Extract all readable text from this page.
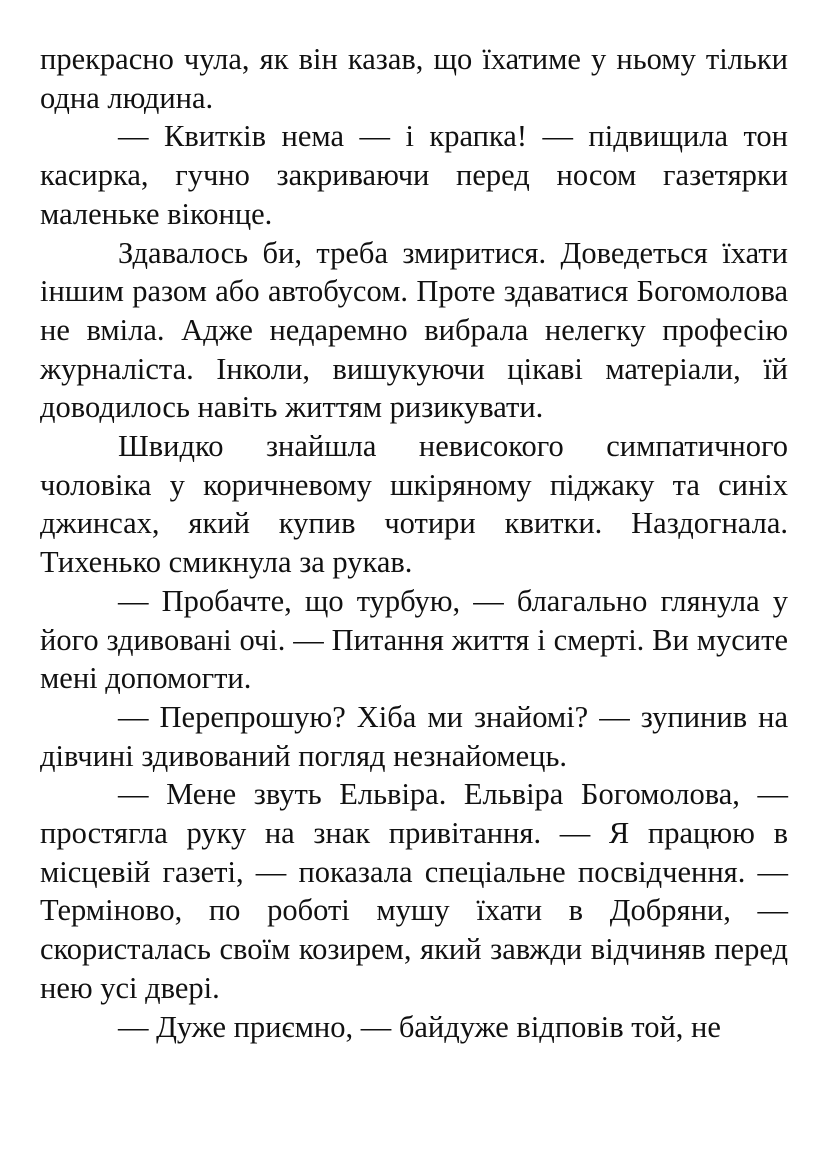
прекрасно чула, як він казав, що їхатиме у ньому тільки одна людина.

— Квитків нема — і крапка! — підвищила тон касирка, гучно закриваючи перед носом газетярки маленьке віконце.

Здавалось би, треба змиритися. Доведеться їхати іншим разом або автобусом. Проте здаватися Богомолова не вміла. Адже недаремно вибрала нелегку професію журналіста. Інколи, вишукуючи цікаві матеріали, їй доводилось навіть життям ризикувати.

Швидко знайшла невисокого симпатичного чоловіка у коричневому шкіряному піджаку та синіх джинсах, який купив чотири квитки. Наздогнала. Тихенько смикнула за рукав.

— Пробачте, що турбую, — благально глянула у його здивовані очі. — Питання життя і смерті. Ви мусите мені допомогти.

— Перепрошую? Хіба ми знайомі? — зупинив на дівчині здивований погляд незнайомець.

— Мене звуть Ельвіра. Ельвіра Богомолова, — простягла руку на знак привітання. — Я працюю в місцевій газеті, — показала спеціальне посвідчення. — Терміново, по роботі мушу їхати в Добряни, — скористалась своїм козирем, який завжди відчиняв перед нею усі двері.

— Дуже приємно, — байдуже відповів той, не
